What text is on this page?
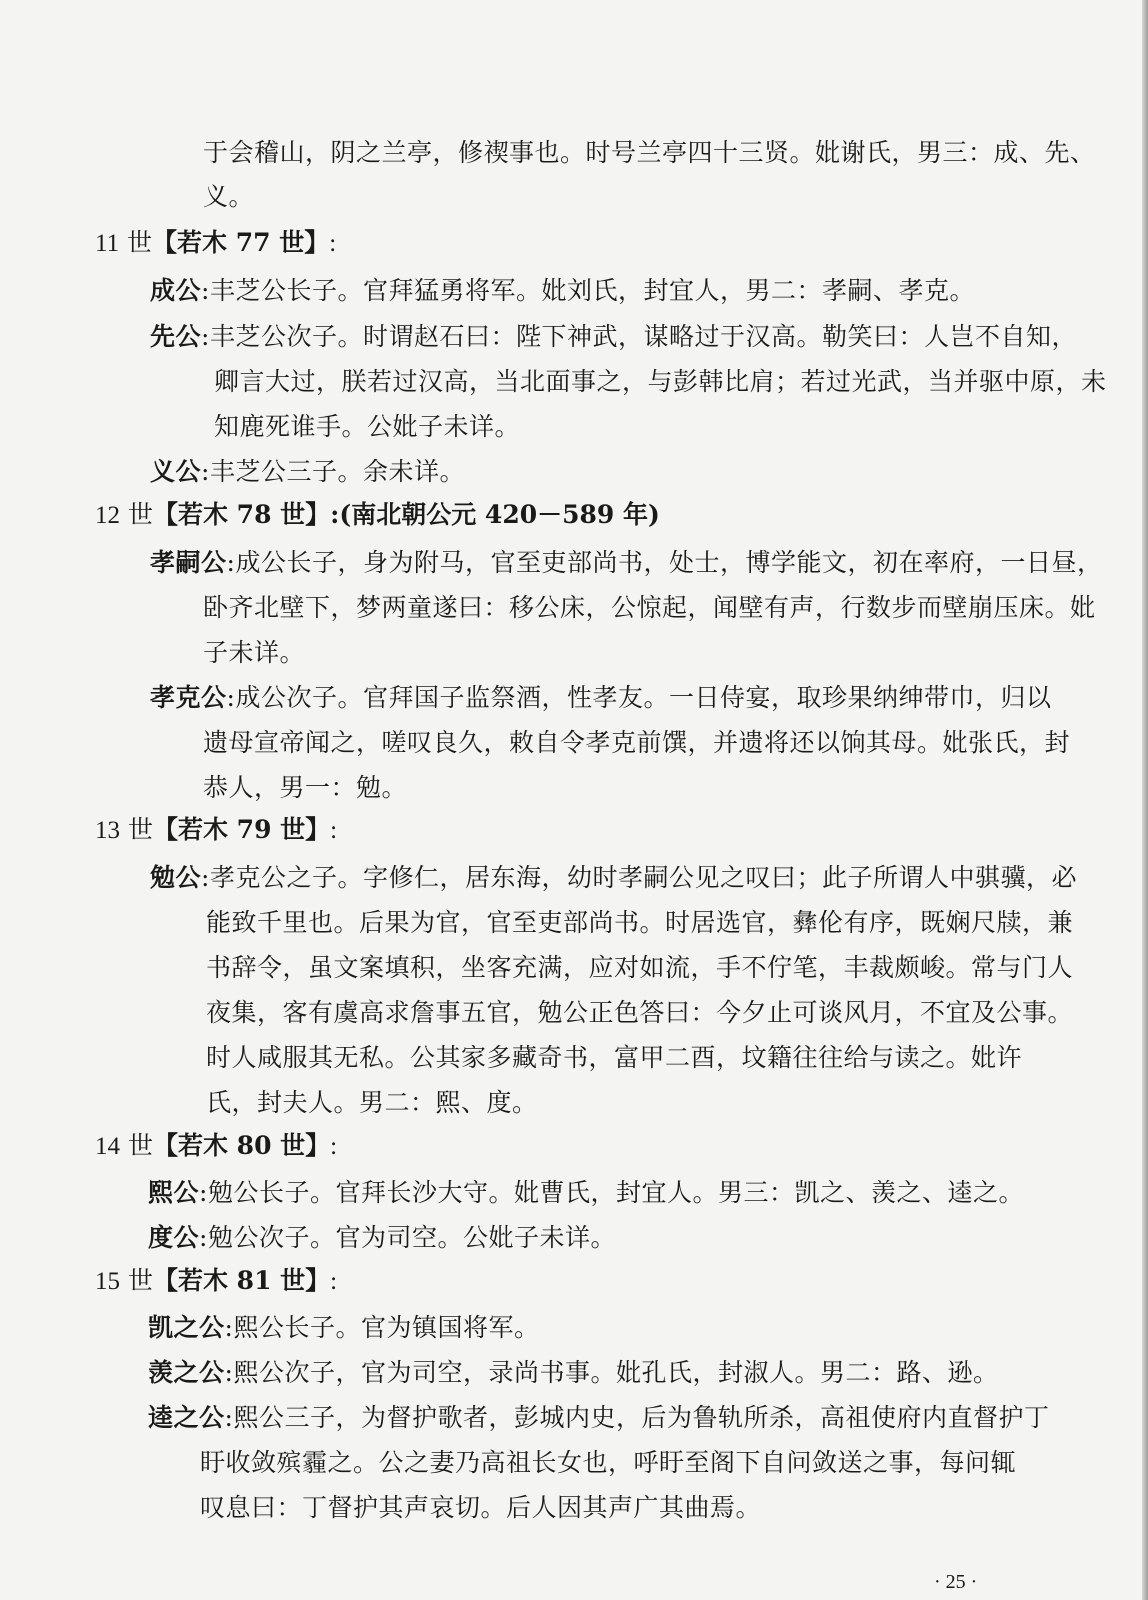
11 世【若木 77 世】:
12 世【若木 78 世】:(南北朝公元 420－589 年)
13 世【若木 79 世】:
14 世【若木 80 世】:
15 世【若木 81 世】:
于会稽山，阴之兰亭，修禊事也。时号兰亭四十三贤。妣谢氏，男三：成、先、
义。
成公:丰芝公长子。官拜猛勇将军。妣刘氏，封宜人，男二：孝嗣、孝克。
先公:丰芝公次子。时谓赵石曰：陛下神武，谋略过于汉高。勒笑曰：人岂不自知，
卿言大过，朕若过汉高，当北面事之，与彭韩比肩；若过光武，当并驱中原，未
知鹿死谁手。公妣子未详。
义公:丰芝公三子。余未详。
孝嗣公:成公长子，身为附马，官至吏部尚书，处士，博学能文，初在率府，一日昼，
卧齐北壁下，梦两童遂曰：移公床，公惊起，闻壁有声，行数步而壁崩压床。妣
子未详。
孝克公:成公次子。官拜国子监祭酒，性孝友。一日侍宴，取珍果纳绅带巾，归以
遗母宣帝闻之，嗟叹良久，敕自令孝克前馔，并遗将还以饷其母。妣张氏，封
恭人，男一：勉。
勉公:孝克公之子。字修仁，居东海，幼时孝嗣公见之叹曰；此子所谓人中骐骥，必
能致千里也。后果为官，官至吏部尚书。时居选官，彝伦有序，既娴尺牍，兼
书辞令，虽文案填积，坐客充满，应对如流，手不佇笔，丰裁颇峻。常与门人
夜集，客有虞高求詹事五官，勉公正色答曰：今夕止可谈风月，不宜及公事。
时人咸服其无私。公其家多藏奇书，富甲二酉，坟籍往往给与读之。妣许
氏，封夫人。男二：熙、度。
熙公:勉公长子。官拜长沙大守。妣曹氏，封宜人。男三：凯之、羡之、逵之。
度公:勉公次子。官为司空。公妣子未详。
凯之公:熙公长子。官为镇国将军。
羡之公:熙公次子，官为司空，录尚书事。妣孔氏，封淑人。男二：路、逊。
逵之公:熙公三子，为督护歌者，彭城内史，后为鲁轨所杀，高祖使府内直督护丁
盱收敛殡霾之。公之妻乃高祖长女也，呼盱至阁下自问敛送之事，每问辄
叹息曰：丁督护其声哀切。后人因其声广其曲焉。
· 25 ·
